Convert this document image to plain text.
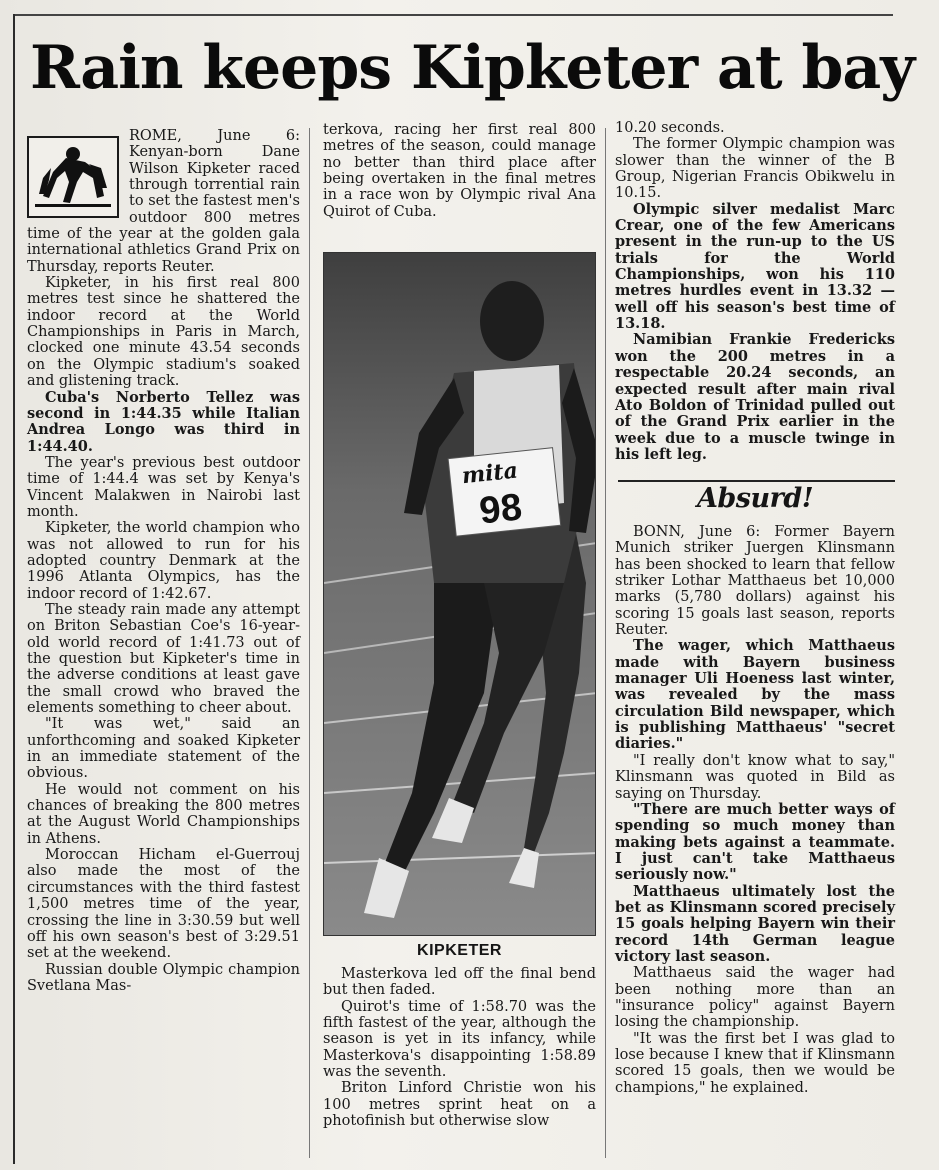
Rain keeps Kipketer at bay

ROME, June 6: Kenyan-born Dane Wilson Kipketer raced through torrential rain to set the fastest men's outdoor 800 metres time of the year at the golden gala international athletics Grand Prix on Thursday, reports Reuter.

Kipketer, in his first real 800 metres test since he shattered the indoor record at the World Championships in Paris in March, clocked one minute 43.54 seconds on the Olympic stadium's soaked and glistening track.

Cuba's Norberto Tellez was second in 1:44.35 while Italian Andrea Longo was third in 1:44.40.

The year's previous best outdoor time of 1:44.4 was set by Kenya's Vincent Malakwen in Nairobi last month.

Kipketer, the world champion who was not allowed to run for his adopted country Denmark at the 1996 Atlanta Olympics, has the indoor record of 1:42.67.

The steady rain made any attempt on Briton Sebastian Coe's 16-year-old world record of 1:41.73 out of the question but Kipketer's time in the adverse conditions at least gave the small crowd who braved the elements something to cheer about.

"It was wet," said an unforthcoming and soaked Kipketer in an immediate statement of the obvious.

He would not comment on his chances of breaking the 800 metres at the August World Championships in Athens.

Moroccan Hicham el-Guerrouj also made the most of the circumstances with the third fastest 1,500 metres time of the year, crossing the line in 3:30.59 but well off his own season's best of 3:29.51 set at the weekend.

Russian double Olympic champion Svetlana Mas-

terkova, racing her first real 800 metres of the season, could manage no better than third place after being overtaken in the final metres in a race won by Olympic rival Ana Quirot of Cuba.

mita
98
KIPKETER

Masterkova led off the final bend but then faded.

Quirot's time of 1:58.70 was the fifth fastest of the year, although the season is yet in its infancy, while Masterkova's disappointing 1:58.89 was the seventh.

Briton Linford Christie won his 100 metres sprint heat on a photofinish but otherwise slow

10.20 seconds.

The former Olympic champion was slower than the winner of the B Group, Nigerian Francis Obikwelu in 10.15.

Olympic silver medalist Marc Crear, one of the few Americans present in the run-up to the US trials for the World Championships, won his 110 metres hurdles event in 13.32 — well off his season's best time of 13.18.

Namibian Frankie Fredericks won the 200 metres in a respectable 20.24 seconds, an expected result after main rival Ato Boldon of Trinidad pulled out of the Grand Prix earlier in the week due to a muscle twinge in his left leg.

Absurd!

BONN, June 6: Former Bayern Munich striker Juergen Klinsmann has been shocked to learn that fellow striker Lothar Matthaeus bet 10,000 marks (5,780 dollars) against his scoring 15 goals last season, reports Reuter.

The wager, which Matthaeus made with Bayern business manager Uli Hoeness last winter, was revealed by the mass circulation Bild newspaper, which is publishing Matthaeus' "secret diaries."

"I really don't know what to say," Klinsmann was quoted in Bild as saying on Thursday.

"There are much better ways of spending so much money than making bets against a teammate. I just can't take Matthaeus seriously now."

Matthaeus ultimately lost the bet as Klinsmann scored precisely 15 goals helping Bayern win their record 14th German league victory last season.

Matthaeus said the wager had been nothing more than an "insurance policy" against Bayern losing the championship.

"It was the first bet I was glad to lose because I knew that if Klinsmann scored 15 goals, then we would be champions," he explained.
